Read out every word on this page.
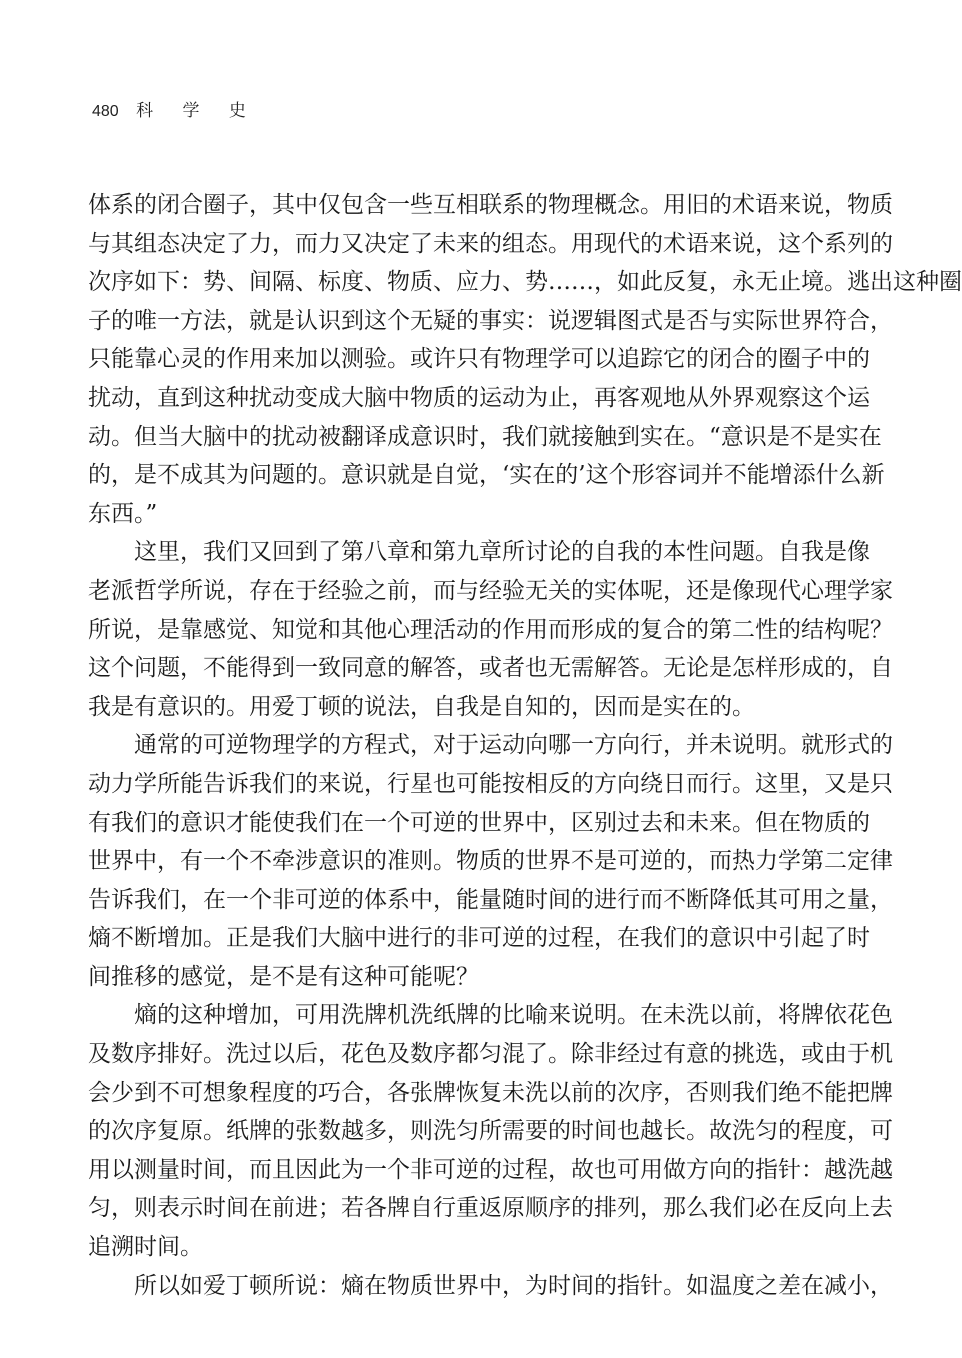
480 科 学 史
体系的闭合圈子，其中仅包含一些互相联系的物理概念。用旧的术语来说，物质
与其组态决定了力，而力又决定了未来的组态。用现代的术语来说，这个系列的
次序如下：势、间隔、标度、物质、应力、势……，如此反复，永无止境。逃出这种圈
子的唯一方法，就是认识到这个无疑的事实：说逻辑图式是否与实际世界符合，
只能靠心灵的作用来加以测验。或许只有物理学可以追踪它的闭合的圈子中的
扰动，直到这种扰动变成大脑中物质的运动为止，再客观地从外界观察这个运
动。但当大脑中的扰动被翻译成意识时，我们就接触到实在。“意识是不是实在
的，是不成其为问题的。意识就是自觉，‘实在的’这个形容词并不能增添什么新
东西。”
这里，我们又回到了第八章和第九章所讨论的自我的本性问题。自我是像
老派哲学所说，存在于经验之前，而与经验无关的实体呢，还是像现代心理学家
所说，是靠感觉、知觉和其他心理活动的作用而形成的复合的第二性的结构呢？
这个问题，不能得到一致同意的解答，或者也无需解答。无论是怎样形成的，自
我是有意识的。用爱丁顿的说法，自我是自知的，因而是实在的。
通常的可逆物理学的方程式，对于运动向哪一方向行，并未说明。就形式的
动力学所能告诉我们的来说，行星也可能按相反的方向绕日而行。这里，又是只
有我们的意识才能使我们在一个可逆的世界中，区别过去和未来。但在物质的
世界中，有一个不牵涉意识的准则。物质的世界不是可逆的，而热力学第二定律
告诉我们，在一个非可逆的体系中，能量随时间的进行而不断降低其可用之量，
熵不断增加。正是我们大脑中进行的非可逆的过程，在我们的意识中引起了时
间推移的感觉，是不是有这种可能呢？
熵的这种增加，可用洗牌机洗纸牌的比喻来说明。在未洗以前，将牌依花色
及数序排好。洗过以后，花色及数序都匀混了。除非经过有意的挑选，或由于机
会少到不可想象程度的巧合，各张牌恢复未洗以前的次序，否则我们绝不能把牌
的次序复原。纸牌的张数越多，则洗匀所需要的时间也越长。故洗匀的程度，可
用以测量时间，而且因此为一个非可逆的过程，故也可用做方向的指针：越洗越
匀，则表示时间在前进；若各牌自行重返原顺序的排列，那么我们必在反向上去
追溯时间。
所以如爱丁顿所说：熵在物质世界中，为时间的指针。如温度之差在减小，
